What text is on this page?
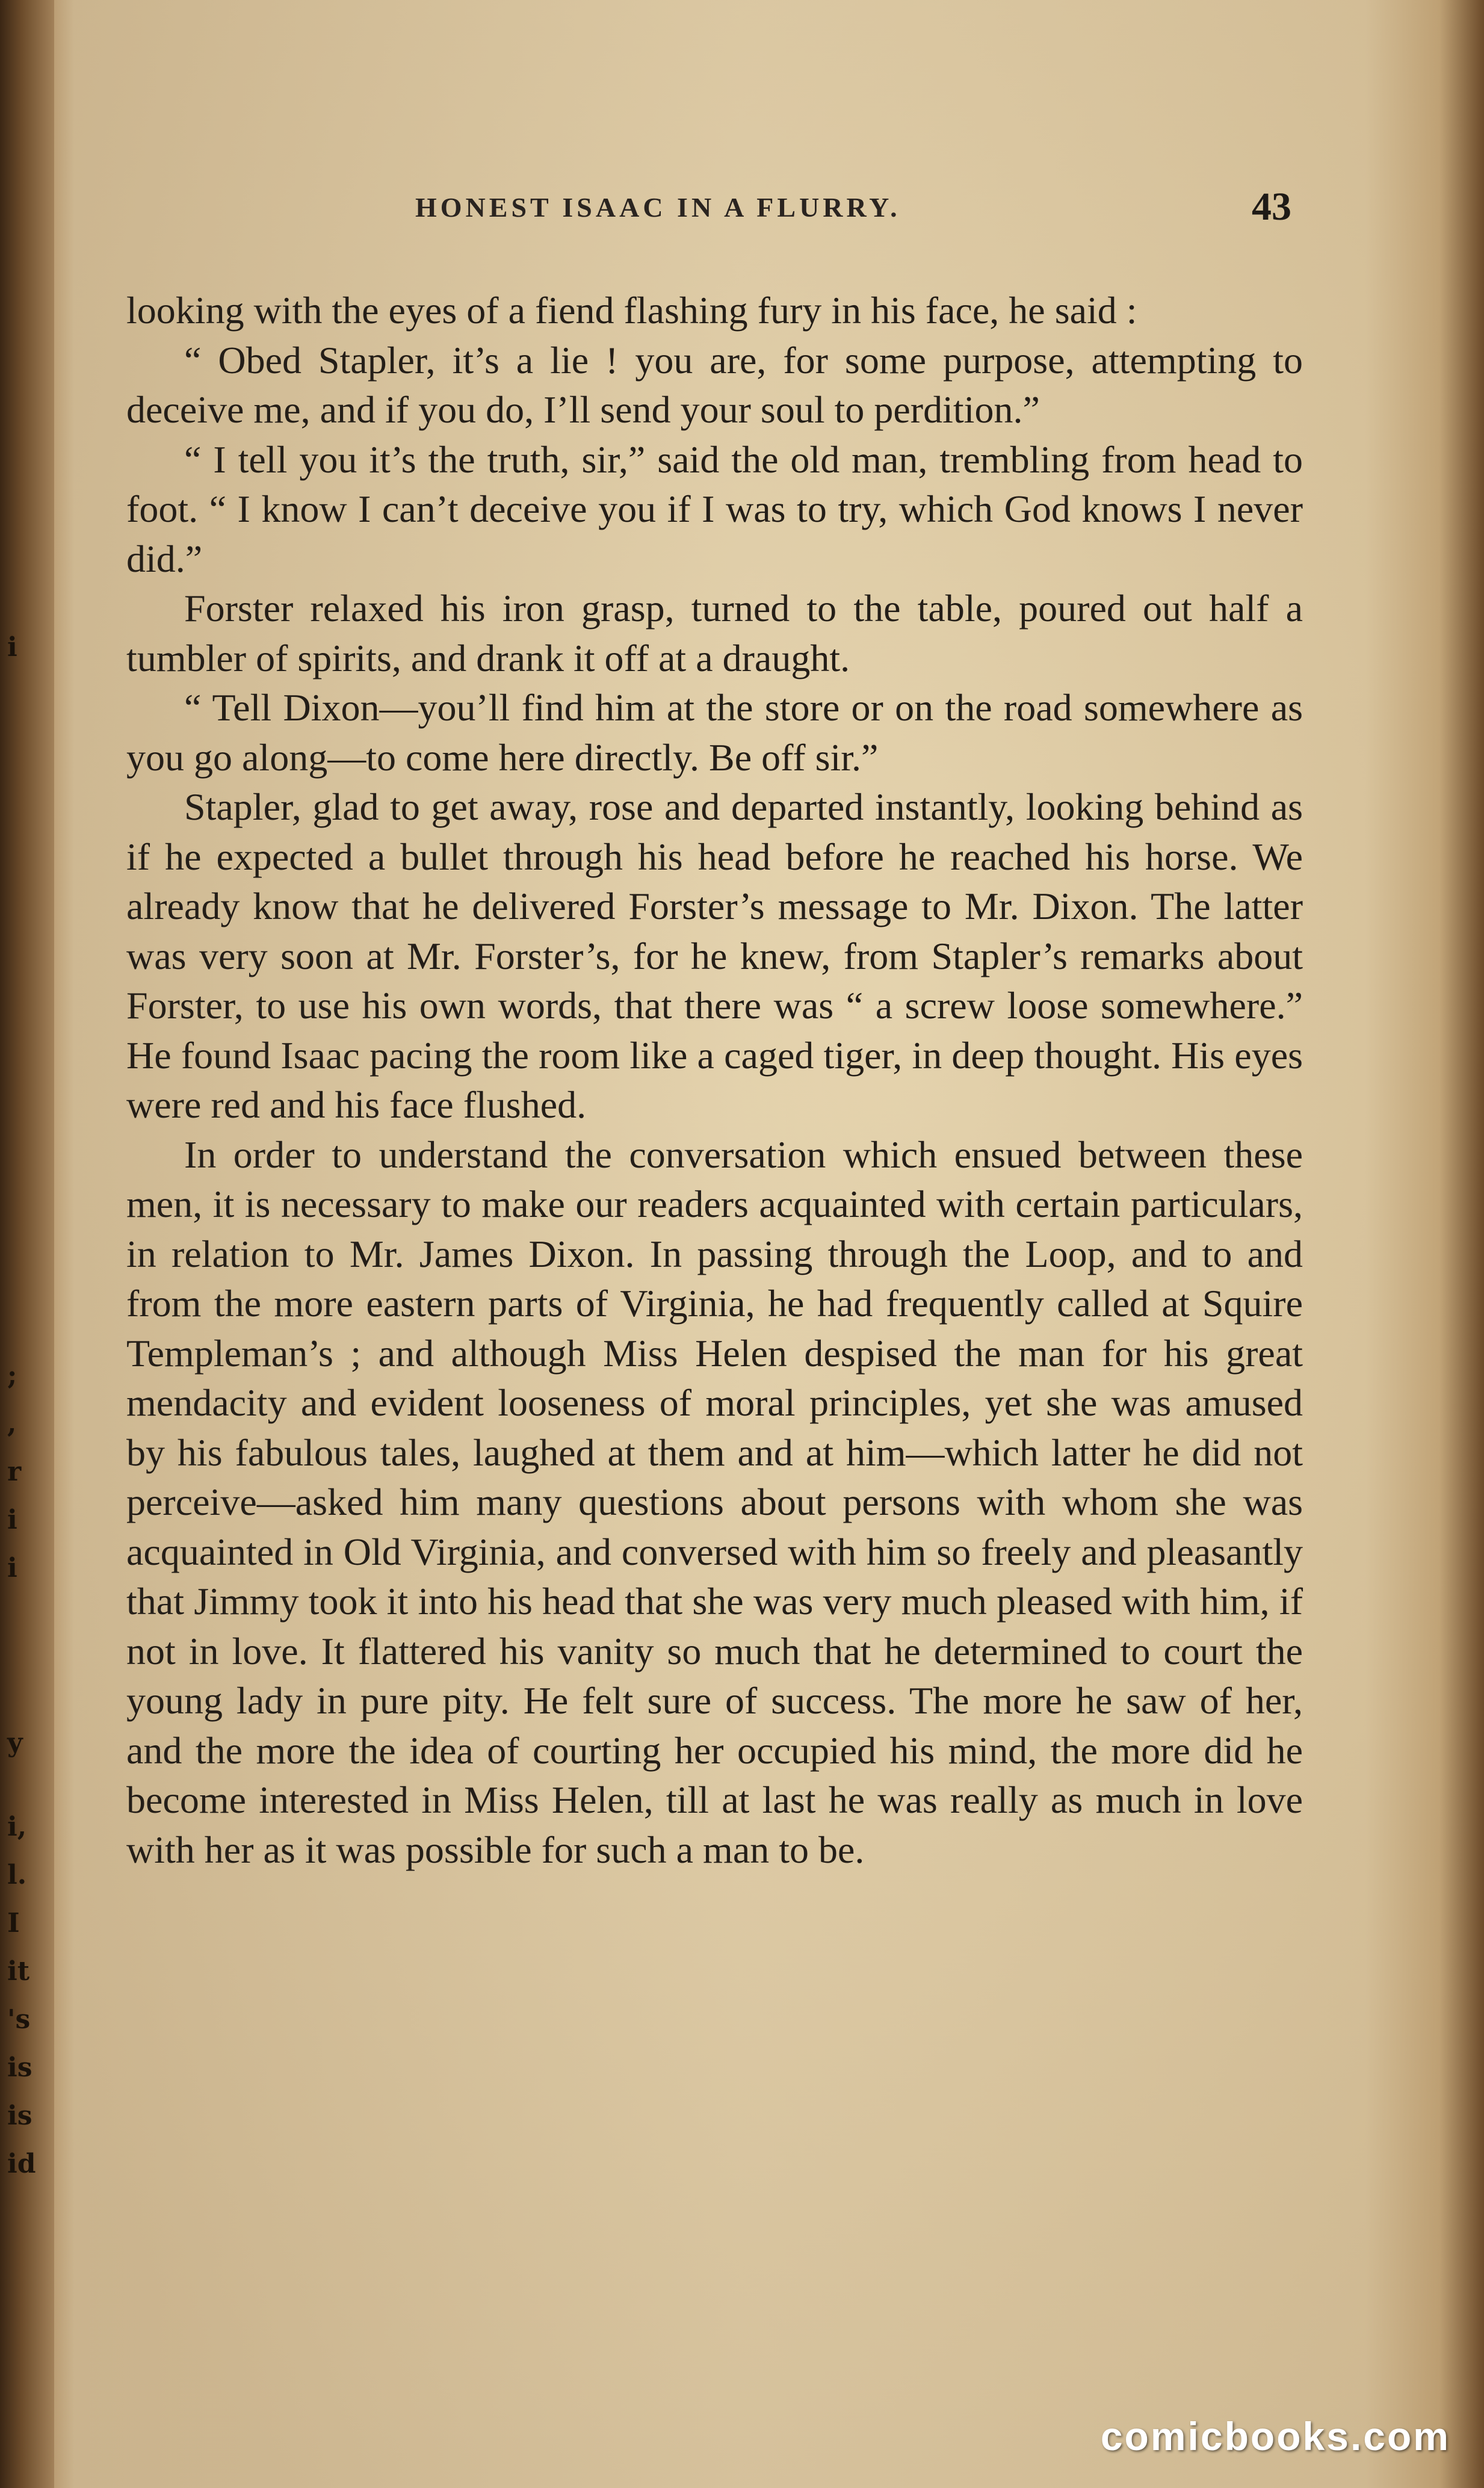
i
;
,
r
i
i
y
i,
l.
I
it
's
is
is
id
HONEST ISAAC IN A FLURRY.	43

looking with the eyes of a fiend flashing fury in his face, he said :

“ Obed Stapler, it’s a lie ! you are, for some purpose, attempting to deceive me, and if you do, I’ll send your soul to perdition.”

“ I tell you it’s the truth, sir,” said the old man, trembling from head to foot. “ I know I can’t deceive you if I was to try, which God knows I never did.”

Forster relaxed his iron grasp, turned to the table, poured out half a tumbler of spirits, and drank it off at a draught.

“ Tell Dixon—you’ll find him at the store or on the road somewhere as you go along—to come here directly. Be off sir.”

Stapler, glad to get away, rose and departed instantly, looking behind as if he expected a bullet through his head before he reached his horse. We already know that he delivered Forster’s message to Mr. Dixon. The latter was very soon at Mr. Forster’s, for he knew, from Stapler’s remarks about Forster, to use his own words, that there was “ a screw loose somewhere.” He found Isaac pacing the room like a caged tiger, in deep thought. His eyes were red and his face flushed.

In order to understand the conversation which ensued between these men, it is necessary to make our readers acquainted with certain particulars, in relation to Mr. James Dixon. In passing through the Loop, and to and from the more eastern parts of Virginia, he had frequently called at Squire Templeman’s ; and although Miss Helen despised the man for his great mendacity and evident looseness of moral principles, yet she was amused by his fabulous tales, laughed at them and at him—which latter he did not perceive—asked him many questions about persons with whom she was acquainted in Old Virginia, and conversed with him so freely and pleasantly that Jimmy took it into his head that she was very much pleased with him, if not in love. It flattered his vanity so much that he determined to court the young lady in pure pity. He felt sure of success. The more he saw of her, and the more the idea of courting her occupied his mind, the more did he become interested in Miss Helen, till at last he was really as much in love with her as it was possible for such a man to be.

comicbooks.com
